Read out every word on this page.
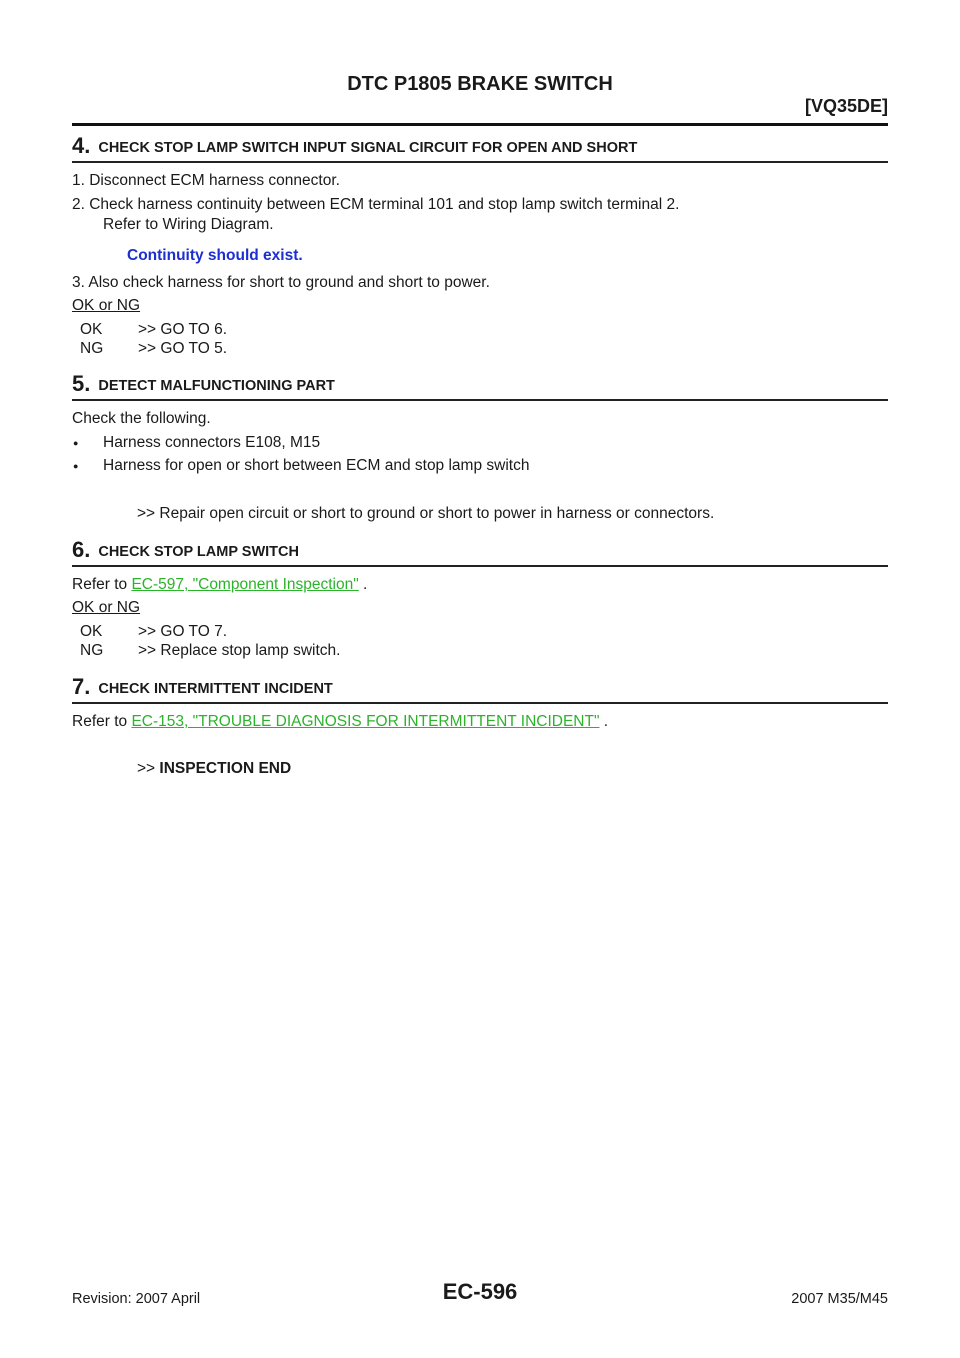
DTC P1805 BRAKE SWITCH
[VQ35DE]
4. CHECK STOP LAMP SWITCH INPUT SIGNAL CIRCUIT FOR OPEN AND SHORT
1. Disconnect ECM harness connector.
2. Check harness continuity between ECM terminal 101 and stop lamp switch terminal 2.
Refer to Wiring Diagram.
Continuity should exist.
3. Also check harness for short to ground and short to power.
OK or NG
OK >> GO TO 6.
NG >> GO TO 5.
5. DETECT MALFUNCTIONING PART
Check the following.
● Harness connectors E108, M15
● Harness for open or short between ECM and stop lamp switch
>> Repair open circuit or short to ground or short to power in harness or connectors.
6. CHECK STOP LAMP SWITCH
Refer to EC-597, "Component Inspection" .
OK or NG
OK >> GO TO 7.
NG >> Replace stop lamp switch.
7. CHECK INTERMITTENT INCIDENT
Refer to EC-153, "TROUBLE DIAGNOSIS FOR INTERMITTENT INCIDENT" .
>> INSPECTION END
Revision: 2007 April	EC-596	2007 M35/M45
